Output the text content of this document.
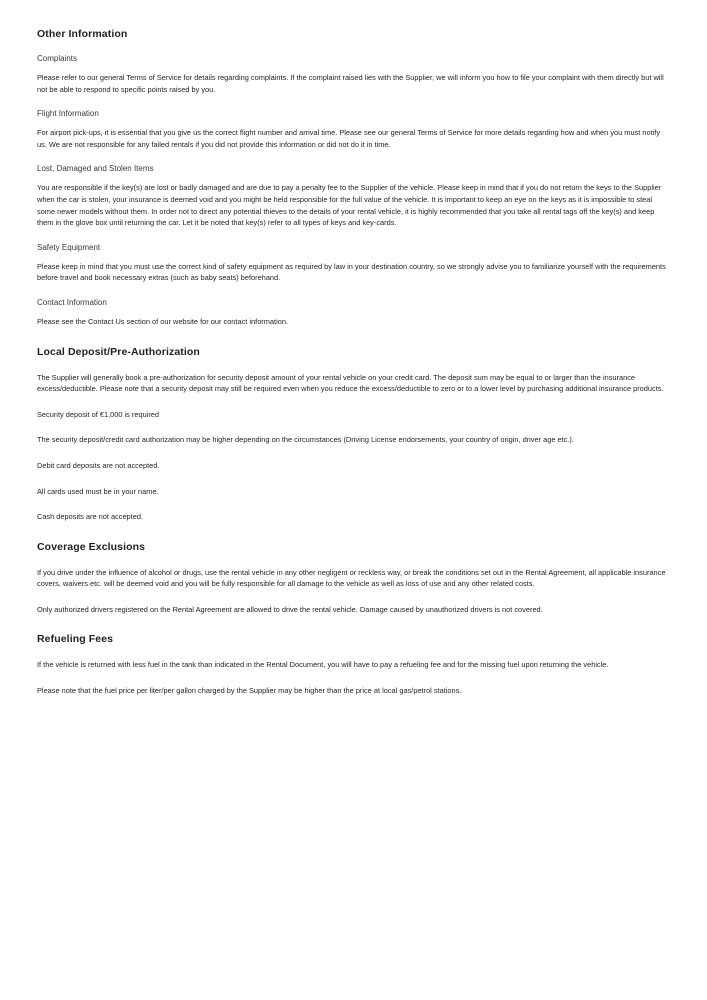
Other Information
Complaints

Please refer to our general Terms of Service for details regarding complaints. If the complaint raised lies with the Supplier, we will inform you how to file your complaint with them directly but will not be able to respond to specific points raised by you.

Flight Information

For airport pick-ups, it is essential that you give us the correct flight number and arrival time. Please see our general Terms of Service for more details regarding how and when you must notify us. We are not responsible for any failed rentals if you did not provide this information or did not do it in time.

Lost, Damaged and Stolen Items

You are responsible if the key(s) are lost or badly damaged and are due to pay a penalty fee to the Supplier of the vehicle. Please keep in mind that if you do not return the keys to the Supplier when the car is stolen, your insurance is deemed void and you might be held responsible for the full value of the vehicle. It is important to keep an eye on the keys as it is impossible to steal some newer models without them. In order not to direct any potential thieves to the details of your rental vehicle, it is highly recommended that you take all rental tags off the key(s) and keep them in the glove box until returning the car. Let it be noted that key(s) refer to all types of keys and key-cards.

Safety Equipment

Please keep in mind that you must use the correct kind of safety equipment as required by law in your destination country, so we strongly advise you to familiarize yourself with the requirements before travel and book necessary extras (such as baby seats) beforehand.

Contact Information

Please see the Contact Us section of our website for our contact information.

Local Deposit/Pre-Authorization

The Supplier will generally book a pre-authorization for security deposit amount of your rental vehicle on your credit card. The deposit sum may be equal to or larger than the insurance excess/deductible. Please note that a security deposit may still be required even when you reduce the excess/deductible to zero or to a lower level by purchasing additional insurance products.

Security deposit of €1,000 is required

The security deposit/credit card authorization may be higher depending on the circumstances (Driving License endorsements, your country of origin, driver age etc.).

Debit card deposits are not accepted.

All cards used must be in your name.

Cash deposits are not accepted.

Coverage Exclusions

If you drive under the influence of alcohol or drugs, use the rental vehicle in any other negligent or reckless way, or break the conditions set out in the Rental Agreement, all applicable insurance covers, waivers etc. will be deemed void and you will be fully responsible for all damage to the vehicle as well as loss of use and any other related costs.

Only authorized drivers registered on the Rental Agreement are allowed to drive the rental vehicle. Damage caused by unauthorized drivers is not covered.

Refueling Fees

If the vehicle is returned with less fuel in the tank than indicated in the Rental Document, you will have to pay a refueling fee and for the missing fuel upon returning the vehicle.

Please note that the fuel price per liter/per gallon charged by the Supplier may be higher than the price at local gas/petrol stations.
